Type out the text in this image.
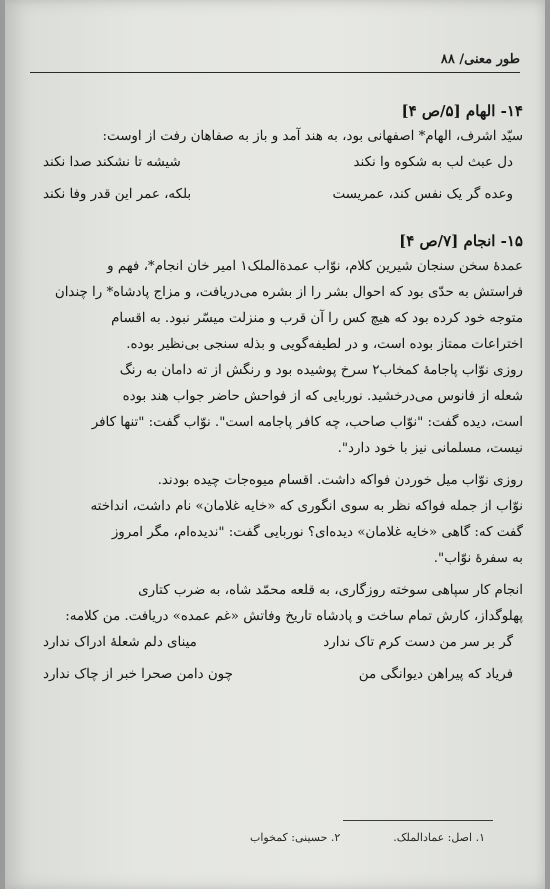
طور معنی/ ۸۸
۱۴- الهام [۵/ص ۴]
سیّد اشرف، الهام* اصفهانی بود، به هند آمد و باز به صفاهان رفت از اوست:
دل عبث لب به شکوه وا نکند
شیشه تا نشکند صدا نکند
وعده گر یک نفس کند، عمریست
بلکه، عمر این قدر وفا نکند
۱۵- انجام [۷/ص ۴]
عمدهٔ سخن سنجان شیرین کلام، نوّاب عمدة‌الملک۱ امیر خان انجام*، فهم و
فراستش به حدّی بود که احوال بشر را از بشره می‌دریافت، و مزاج پادشاه* را چندان
متوجه خود کرده بود که هیچ کس را آن قرب و منزلت میسّر نبود. به اقسام
اختراعات ممتاز بوده است، و در لطیفه‌گویی و بذله سنجی بی‌نظیر بوده.
روزی نوّاب پاجامهٔ کمخاب۲ سرخ پوشیده بود و رنگش از ته دامان به رنگ
شعله از فانوس می‌درخشید. نوربایی که از فواحش حاضر جواب هند بوده
است، دیده گفت: "نوّاب صاحب، چه کافر پاجامه است". نوّاب گفت: "تنها کافر
نیست، مسلمانی نیز با خود دارد".
روزی نوّاب میل خوردن فواکه داشت. اقسام میوه‌جات چیده بودند.
نوّاب از جمله فواکه نظر به سوی انگوری که «خایه غلامان» نام داشت، انداخته
گفت که: گاهی «خایه غلامان» دیده‌ای؟ نوربایی گفت: "ندیده‌ام، مگر امروز
به سفرهٔ نوّاب".
انجام کار سپاهی سوخته روزگاری، به قلعه محمّد شاه، به ضرب کتاری
پهلوگداز، کارش تمام ساخت و پادشاه تاریخ وفاتش «غم عمده» دریافت. من کلامه:
گر بر سر من دست کرم تاک ندارد
مینای دلم شعلهٔ ادراک ندارد
فریاد که پیراهن دیوانگی من
چون دامن صحرا خبر از چاک ندارد
۱. اصل: عماد‌الملک.
۲. حسینی: کمخواب
